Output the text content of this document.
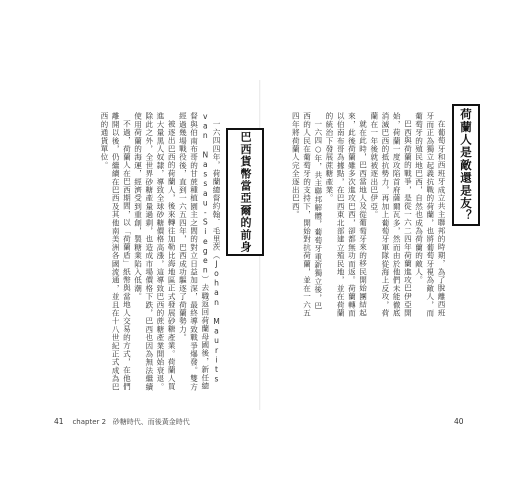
荷蘭人是敵還是友？

在葡萄牙和西班牙成立共主聯邦的時期，為了脫離西班牙而正為獨立起義抗戰的荷蘭，也將葡萄牙視為敵人，而葡萄牙的殖民地巴西，自然也成為荷蘭的敵人。

巴西與荷蘭的戰爭，是從一六二四年荷蘭進攻巴伊亞開始，荷蘭一度攻陷首府薩爾瓦多，然而由於他們未能徹底消滅巴西的抵抗勢力，再加上葡萄牙軍隊從海上反攻，荷蘭在一年後就被逐出巴伊亞。

就在此時，巴西當地人及從葡萄牙來的移民開始團結起來，此後荷蘭雖多次進攻巴西，卻都無功而返。荷蘭轉而以伯南布哥為據點，在巴西東北部建立殖民地，並在荷蘭的統治下發展蔗糖產業。

一六四○年，共主聯邦解體，葡萄牙重新獨立後，巴西的人民在葡萄牙的支持下，開始對抗荷蘭，並在一六五四年將荷蘭人完全逐出巴西。

巴西貨幣當亞爾的前身

一六四四年，荷蘭總督約翰．毛里茨（Johan Maurits van Nassau-Siegen）去職返回荷蘭母國後，新任總督與伯南布哥的甘蔗種植園主之間的對立日益加深，最終導致戰爭爆發。雙方經過幾場戰役後，直到一六五四年，巴西成功驅逐了荷蘭勢力。

被逐出巴西的荷蘭人，後來轉往加勒比海地區正式發展砂糖產業。荷蘭人買進大量黑人奴隸，導致全球砂糖價格高漲，這導致巴西的蔗糖產業開始衰退。除此之外，全世界砂糖產量過剩，也造成市場價格下跌，巴西也因為無法繼續使用荷蘭的海運，經濟受到重創，製糖業陷入低潮。

不過，荷蘭人在巴西期間，以「荷蘭盾」紙幣與當地人交易的方式，在他們離開以後，仍繼續在巴西及其他南美洲各國流通，並且在十八世紀正式成為巴西的通貨單位。

41 chapter 2 砂糖時代、而後黃金時代	40
